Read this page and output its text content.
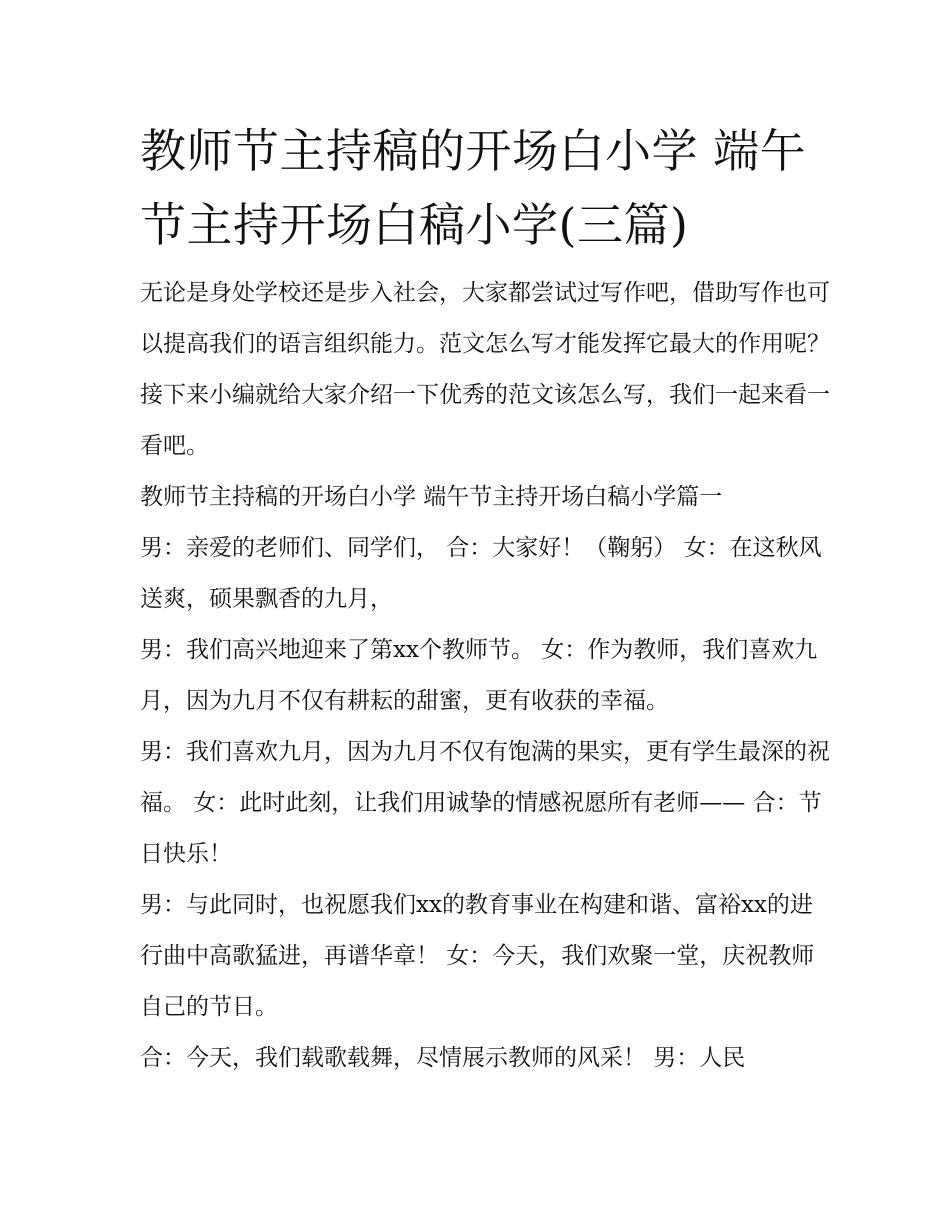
教师节主持稿的开场白小学 端午节主持开场白稿小学(三篇)

无论是身处学校还是步入社会，大家都尝试过写作吧，借助写作也可以提高我们的语言组织能力。范文怎么写才能发挥它最大的作用呢？接下来小编就给大家介绍一下优秀的范文该怎么写，我们一起来看一看吧。

教师节主持稿的开场白小学 端午节主持开场白稿小学篇一

男：亲爱的老师们、同学们， 合：大家好！（鞠躬） 女：在这秋风送爽，硕果飘香的九月，

男：我们高兴地迎来了第xx个教师节。 女：作为教师，我们喜欢九月，因为九月不仅有耕耘的甜蜜，更有收获的幸福。

男：我们喜欢九月，因为九月不仅有饱满的果实，更有学生最深的祝福。 女：此时此刻，让我们用诚挚的情感祝愿所有老师—— 合：节日快乐！

男：与此同时，也祝愿我们xx的教育事业在构建和谐、富裕xx的进行曲中高歌猛进，再谱华章！ 女：今天，我们欢聚一堂，庆祝教师自己的节日。

合：今天，我们载歌载舞，尽情展示教师的风采！ 男：人民
